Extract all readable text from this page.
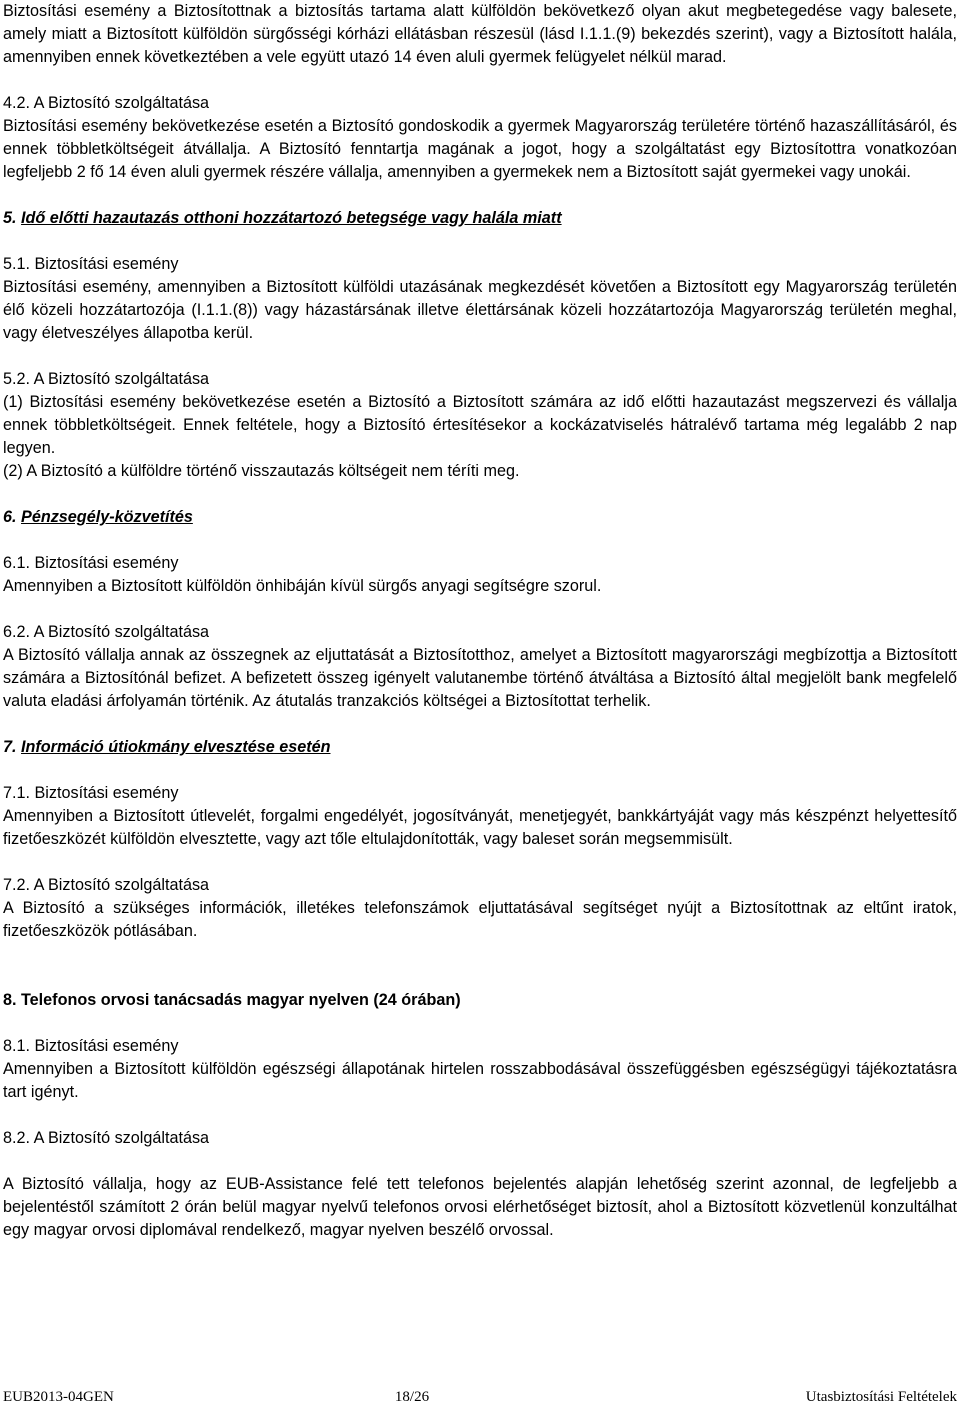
Biztosítási esemény a Biztosítottnak a biztosítás tartama alatt külföldön bekövetkező olyan akut megbetegedése vagy balesete, amely miatt a Biztosított külföldön sürgősségi kórházi ellátásban részesül (lásd I.1.1.(9) bekezdés szerint), vagy a Biztosított halála, amennyiben ennek következtében a vele együtt utazó 14 éven aluli gyermek felügyelet nélkül marad.

4.2. A Biztosító szolgáltatása

Biztosítási esemény bekövetkezése esetén a Biztosító gondoskodik a gyermek Magyarország területére történő hazaszállításáról, és ennek többletköltségeit átvállalja. A Biztosító fenntartja magának a jogot, hogy a szolgáltatást egy Biztosítottra vonatkozóan legfeljebb 2 fő 14 éven aluli gyermek részére vállalja, amennyiben a gyermekek nem a Biztosított saját gyermekei vagy unokái.

5. Idő előtti hazautazás otthoni hozzátartozó betegsége vagy halála miatt

5.1. Biztosítási esemény

Biztosítási esemény, amennyiben a Biztosított külföldi utazásának megkezdését követően a Biztosított egy Magyarország területén élő közeli hozzátartozója (I.1.1.(8)) vagy házastársának illetve élettársának közeli hozzátartozója Magyarország területén meghal, vagy életveszélyes állapotba kerül.

5.2. A Biztosító szolgáltatása

(1) Biztosítási esemény bekövetkezése esetén a Biztosító a Biztosított számára az idő előtti hazautazást megszervezi és vállalja ennek többletköltségeit. Ennek feltétele, hogy a Biztosító értesítésekor a kockázatviselés hátralévő tartama még legalább 2 nap legyen.

(2) A Biztosító a külföldre történő visszautazás költségeit nem téríti meg.

6. Pénzsegély-közvetítés

6.1. Biztosítási esemény

Amennyiben a Biztosított külföldön önhibáján kívül sürgős anyagi segítségre szorul.

6.2. A Biztosító szolgáltatása

A Biztosító vállalja annak az összegnek az eljuttatását a Biztosítotthoz, amelyet a Biztosított magyarországi megbízottja a Biztosított számára a Biztosítónál befizet. A befizetett összeg igényelt valutanembe történő átváltása a Biztosító által megjelölt bank megfelelő valuta eladási árfolyamán történik. Az átutalás tranzakciós költségei a Biztosítottat terhelik.

7. Információ útiokmány elvesztése esetén

7.1. Biztosítási esemény

Amennyiben a Biztosított útlevelét, forgalmi engedélyét, jogosítványát, menetjegyét, bankkártyáját vagy más készpénzt helyettesítő fizetőeszközét külföldön elvesztette, vagy azt tőle eltulajdonították, vagy baleset során megsemmisült.

7.2. A Biztosító szolgáltatása

A Biztosító a szükséges információk, illetékes telefonszámok eljuttatásával segítséget nyújt a Biztosítottnak az eltűnt iratok, fizetőeszközök pótlásában.

8. Telefonos orvosi tanácsadás magyar nyelven (24 órában)

8.1. Biztosítási esemény

Amennyiben a Biztosított külföldön egészségi állapotának hirtelen rosszabbodásával összefüggésben egészségügyi tájékoztatásra tart igényt.

8.2. A Biztosító szolgáltatása

A Biztosító vállalja, hogy az EUB-Assistance felé tett telefonos bejelentés alapján lehetőség szerint azonnal, de legfeljebb a bejelentéstől számított 2 órán belül magyar nyelvű telefonos orvosi elérhetőséget biztosít, ahol a Biztosított közvetlenül konzultálhat egy magyar orvosi diplomával rendelkező, magyar nyelven beszélő orvossal.

EUB2013-04GEN	18/26	Utasbiztosítási Feltételek
